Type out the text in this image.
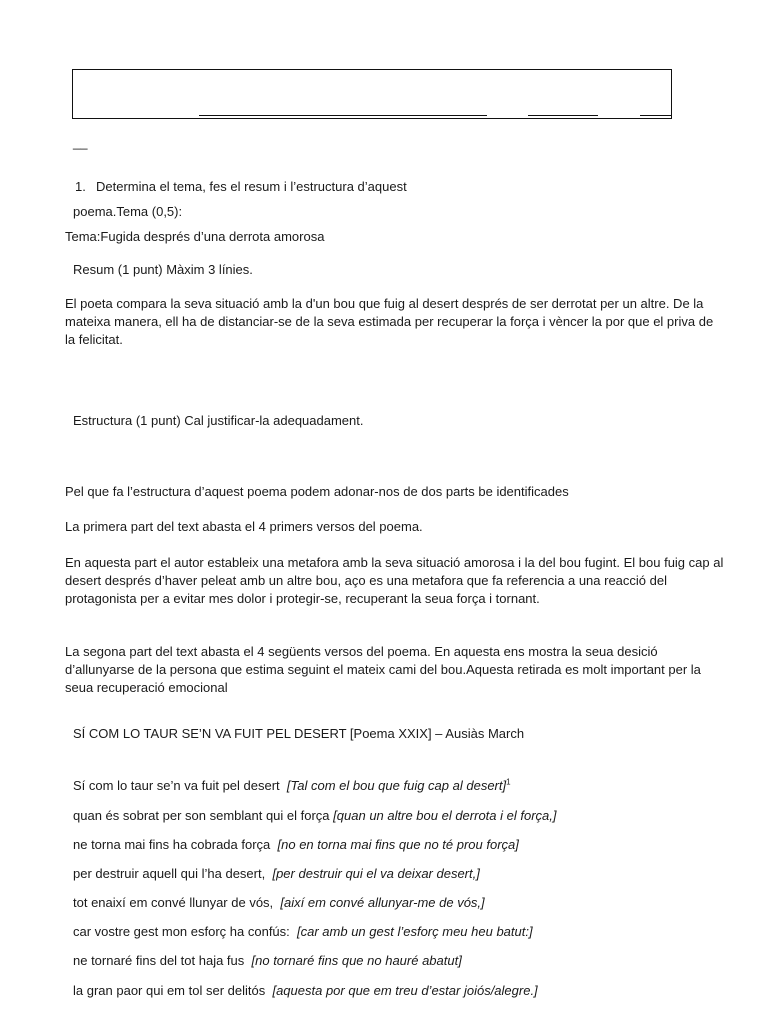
__
1. Determina el tema, fes el resum i l’estructura d’aquest
poema.Tema (0,5):
Tema:Fugida després d’una derrota amorosa
Resum (1 punt) Màxim 3 línies.
El poeta compara la seva situació amb la d'un bou que fuig al desert després de ser derrotat per un altre. De la mateixa manera, ell ha de distanciar-se de la seva estimada per recuperar la força i vèncer la por que el priva de la felicitat.
Estructura (1 punt) Cal justificar-la adequadament.
Pel que fa l’estructura d’aquest poema podem adonar-nos de dos parts be identificades
La primera part del text abasta el 4 primers versos del poema.
En aquesta part el autor estableix una metafora amb la seva situació amorosa i la del bou fugint. El bou fuig cap al desert després d’haver peleat amb un altre bou, aço es una metafora que fa referencia a una reacció del protagonista per a evitar mes dolor i protegir-se, recuperant la seua força i tornant.
La segona part del text abasta el 4 següents versos del poema. En aquesta ens mostra la seua desició d’allunyarse de la persona que estima seguint el mateix cami del bou.Aquesta retirada es molt important per la seua recuperació emocional
SÍ COM LO TAUR SE’N VA FUIT PEL DESERT [Poema XXIX] – Ausiàs March
Sí com lo taur se’n va fuit pel desert [Tal com el bou que fuig cap al desert]$^1$
quan és sobrat per son semblant qui el força [quan un altre bou el derrota i el força,]
ne torna mai fins ha cobrada força [no en torna mai fins que no té prou força]
per destruir aquell qui l’ha desert, [per destruir qui el va deixar desert,]
tot enaixí em convé llunyar de vós, [així em convé allunyar-me de vós,]
car vostre gest mon esforç ha confús: [car amb un gest l’esforç meu heu batut:]
ne tornaré fins del tot haja fus [no tornaré fins que no hauré abatut]
la gran paor qui em tol ser delitós [aquesta por que em treu d’estar joiós/alegre.]
